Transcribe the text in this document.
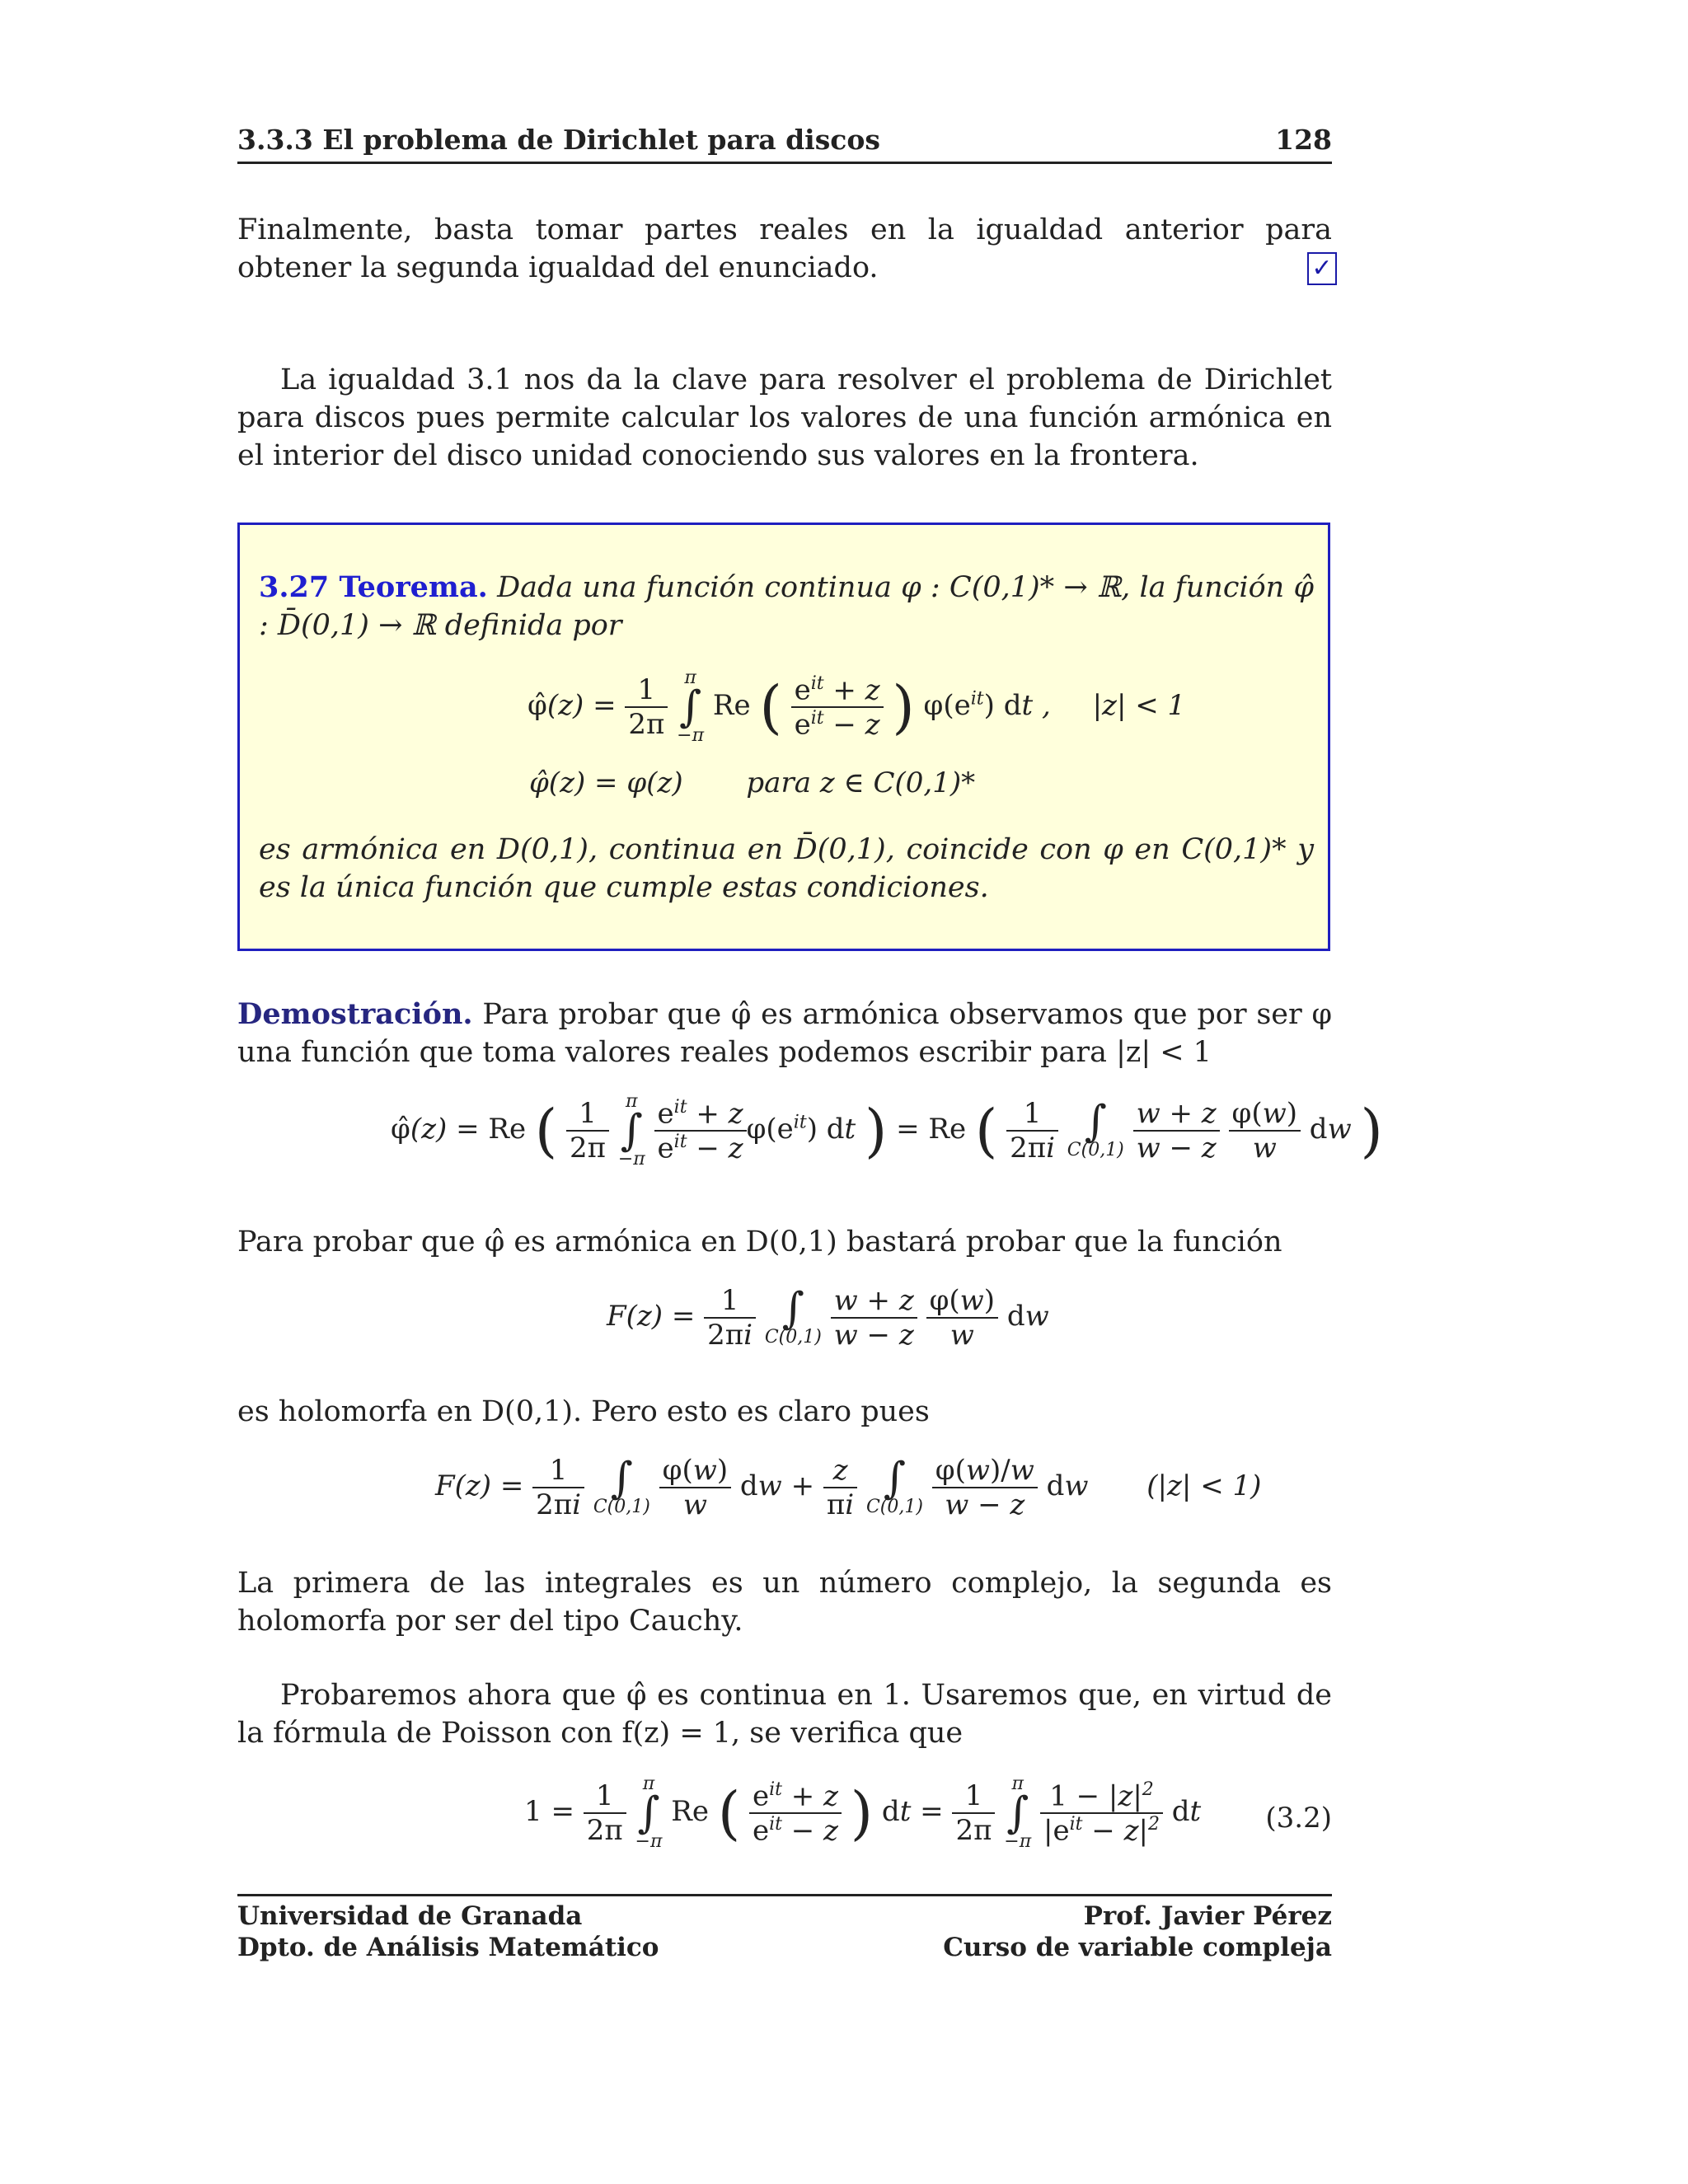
3.3.3 El problema de Dirichlet para discos	128
Finalmente, basta tomar partes reales en la igualdad anterior para obtener la segunda igualdad del enunciado.	✓
La igualdad 3.1 nos da la clave para resolver el problema de Dirichlet para discos pues permite calcular los valores de una función armónica en el interior del disco unidad conociendo sus valores en la frontera.
3.27 Teorema. Dada una función continua φ : C(0,1)* → ℝ, la función φ̂ : D̄(0,1) → ℝ definida por
φ̂(z) = $\frac{1}{2\pi}$
π
∫
−π
Re ( $\frac{e^{it} + z}{e^{it} - z}$ ) $\varphi(e^{it})$ dt , |z| < 1
φ̂(z) = φ(z) para z ∈ C(0,1)*
es armónica en D(0,1), continua en D̄(0,1), coincide con φ en C(0,1)* y es la única función que cumple estas condiciones.
Demostración. Para probar que φ̂ es armónica observamos que por ser φ una función que toma valores reales podemos escribir para |z| < 1
φ̂(z) = Re ( $\frac{1}{2\pi}$
π
∫
−π
$\frac{e^{it} + z}{e^{it} - z} \varphi(e^{it})$ dt ) = Re ( $\frac{1}{2\pi i}$
∫
C(0,1)
$\frac{w + z}{w - z}$
$\frac{\varphi(w)}{w}$ dw )
Para probar que φ̂ es armónica en D(0,1) bastará probar que la función
$F(z) = \frac{1}{2\pi i}$
∫
C(0,1)
$\frac{w + z}{w - z}$
$\frac{\varphi(w)}{w}$ dw
es holomorfa en D(0,1). Pero esto es claro pues
$F(z) = \frac{1}{2\pi i}$
∫
C(0,1)
$\frac{\varphi(w)}{w}$ dw + $\frac{z}{\pi i}$
∫
C(0,1)
$\frac{\varphi(w)/w}{w - z}$ dw (|z| < 1)
La primera de las integrales es un número complejo, la segunda es holomorfa por ser del tipo Cauchy.
Probaremos ahora que φ̂ es continua en 1. Usaremos que, en virtud de la fórmula de Poisson con f(z) = 1, se verifica que
$1 = \frac{1}{2\pi}$
π
∫
−π
Re ( $\frac{e^{it} + z}{e^{it} - z}$ ) dt = $\frac{1}{2\pi}$
π
∫
−π
$\frac{1 - |z|^2}{|e^{it} - z|^2}$ dt (3.2)
Universidad de Granada
Dpto. de Análisis Matemático
Prof. Javier Pérez
Curso de variable compleja
